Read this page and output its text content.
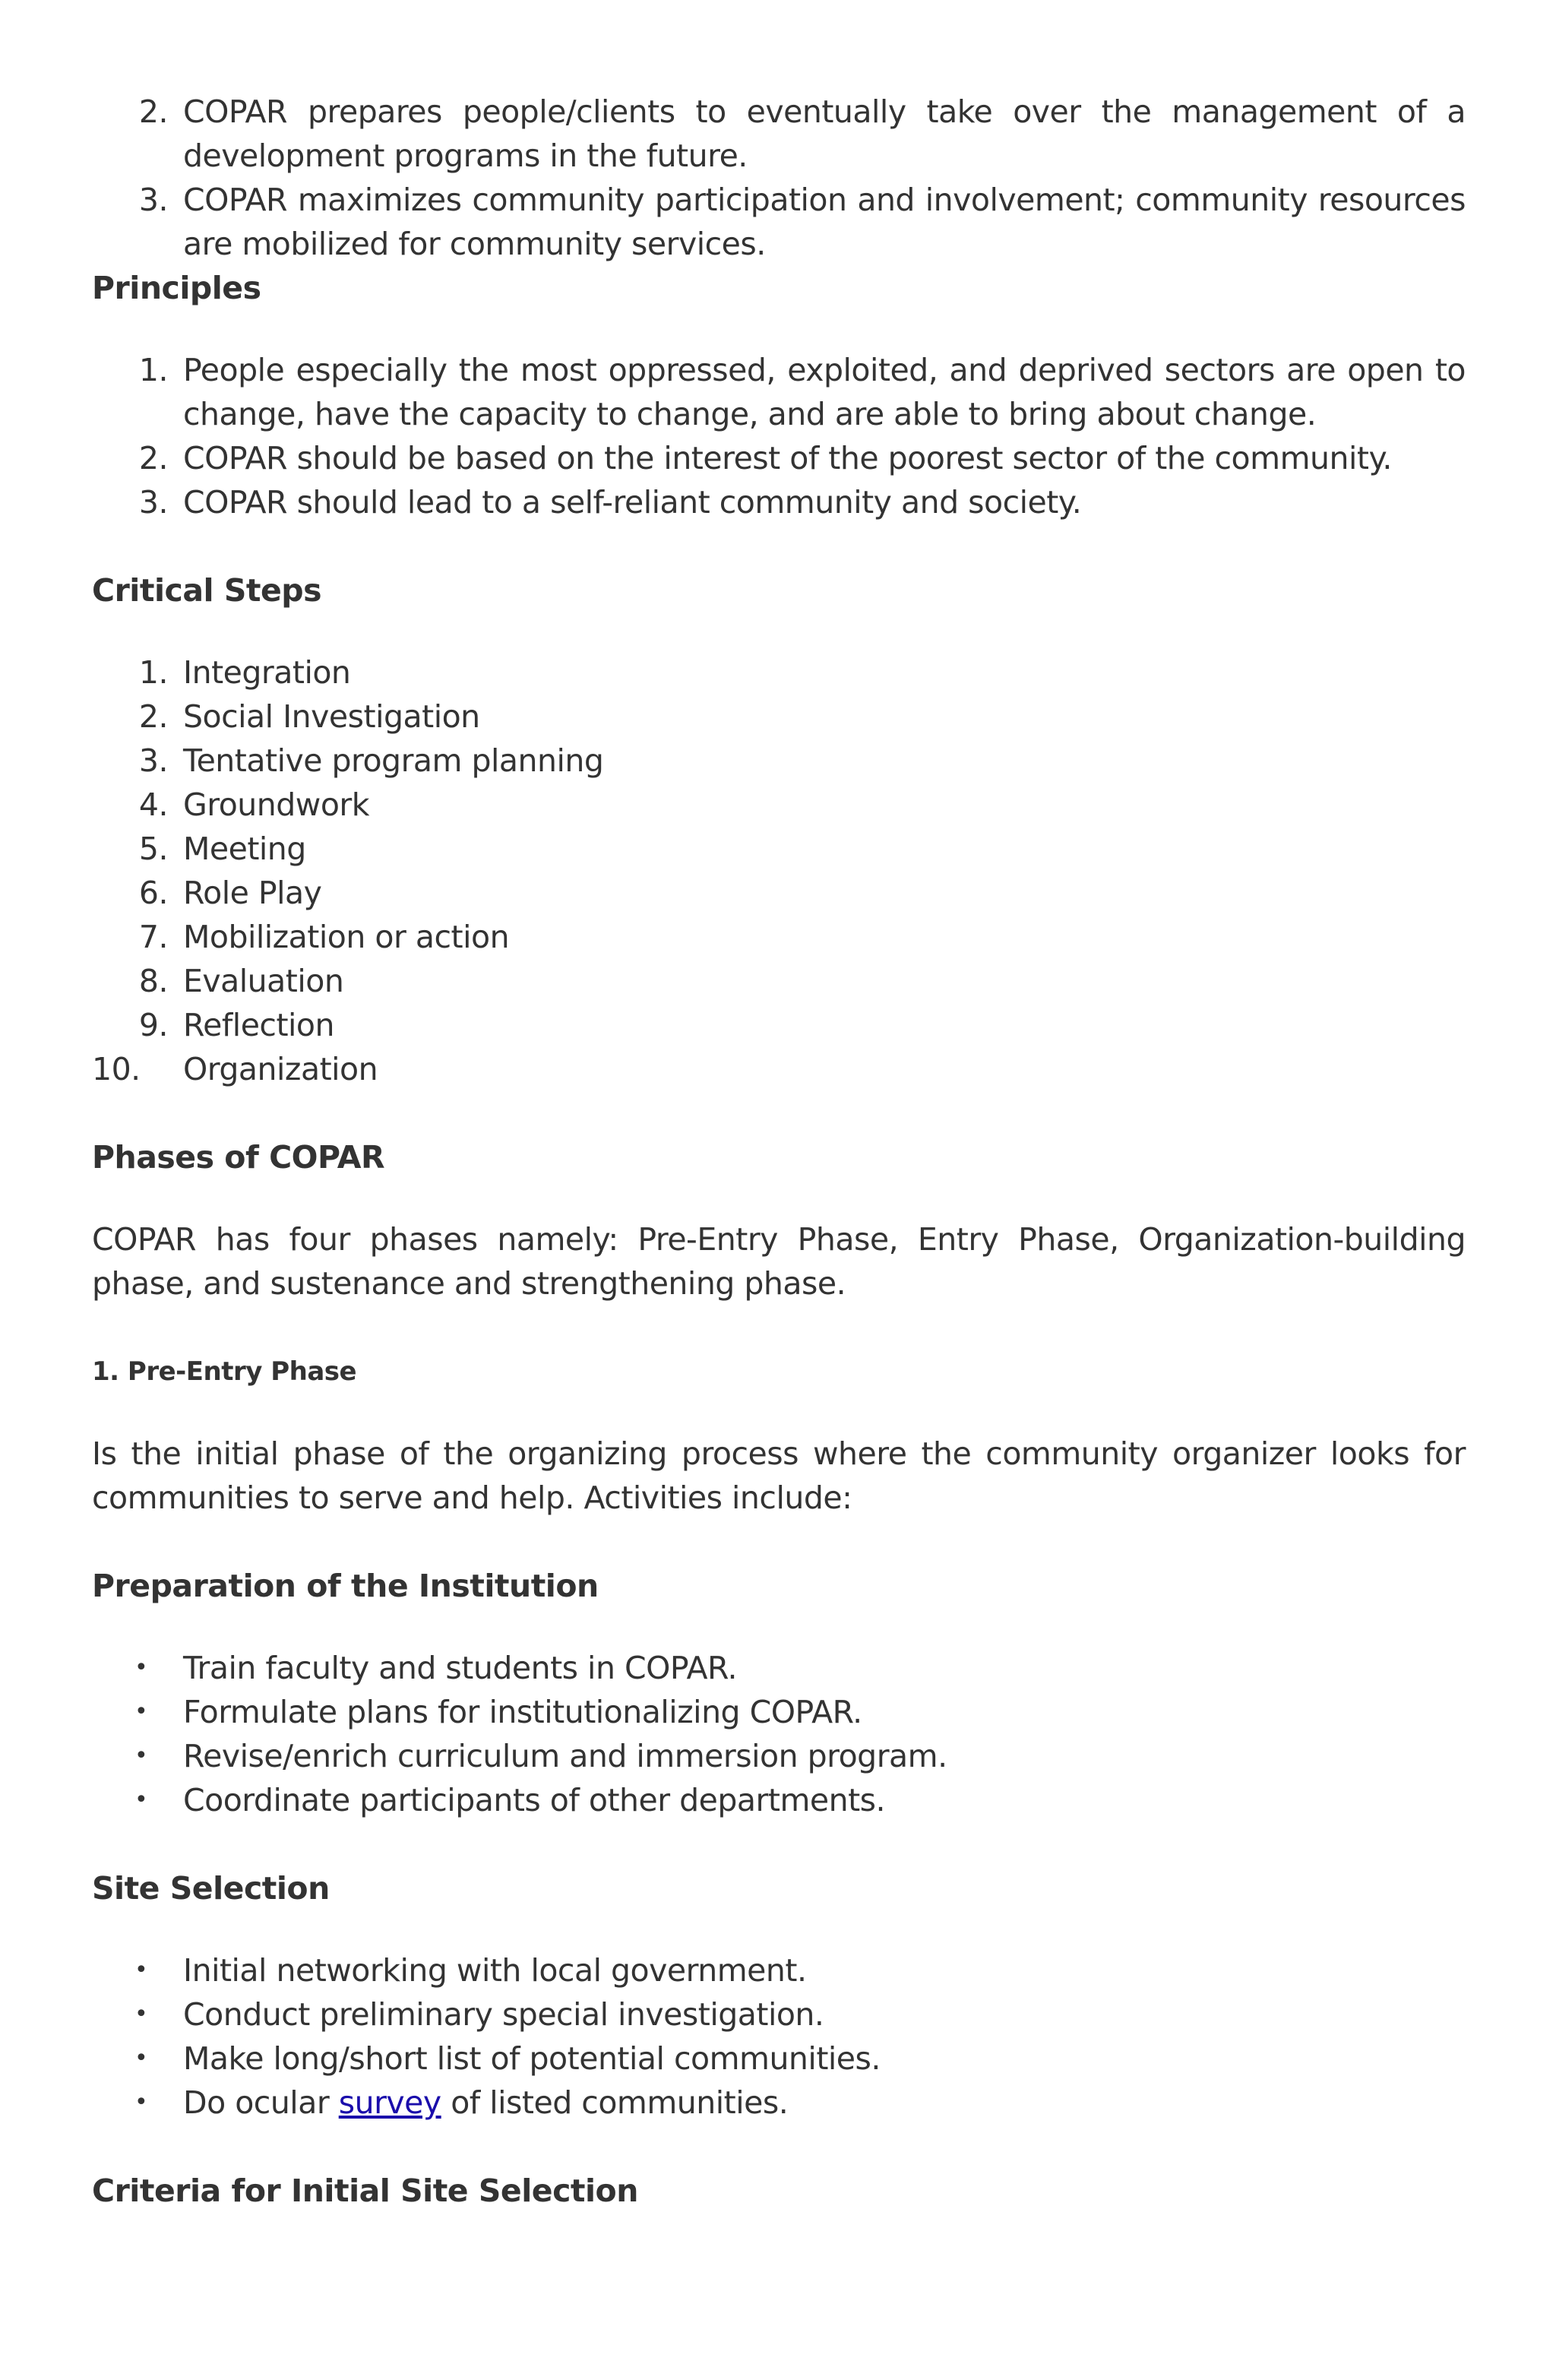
2. COPAR prepares people/clients to eventually take over the management of a development programs in the future.
3. COPAR maximizes community participation and involvement; community resources are mobilized for community services.

Principles

1. People especially the most oppressed, exploited, and deprived sectors are open to change, have the capacity to change, and are able to bring about change.
2. COPAR should be based on the interest of the poorest sector of the community.
3. COPAR should lead to a self-reliant community and society.

Critical Steps

1. Integration
2. Social Investigation
3. Tentative program planning
4. Groundwork
5. Meeting
6. Role Play
7. Mobilization or action
8. Evaluation
9. Reflection
10.	Organization

Phases of COPAR

COPAR has four phases namely: Pre-Entry Phase, Entry Phase, Organization-building phase, and sustenance and strengthening phase.

1. Pre-Entry Phase

Is the initial phase of the organizing process where the community organizer looks for communities to serve and help. Activities include:

Preparation of the Institution

• Train faculty and students in COPAR.
• Formulate plans for institutionalizing COPAR.
• Revise/enrich curriculum and immersion program.
• Coordinate participants of other departments.

Site Selection

• Initial networking with local government.
• Conduct preliminary special investigation.
• Make long/short list of potential communities.
• Do ocular survey of listed communities.

Criteria for Initial Site Selection
